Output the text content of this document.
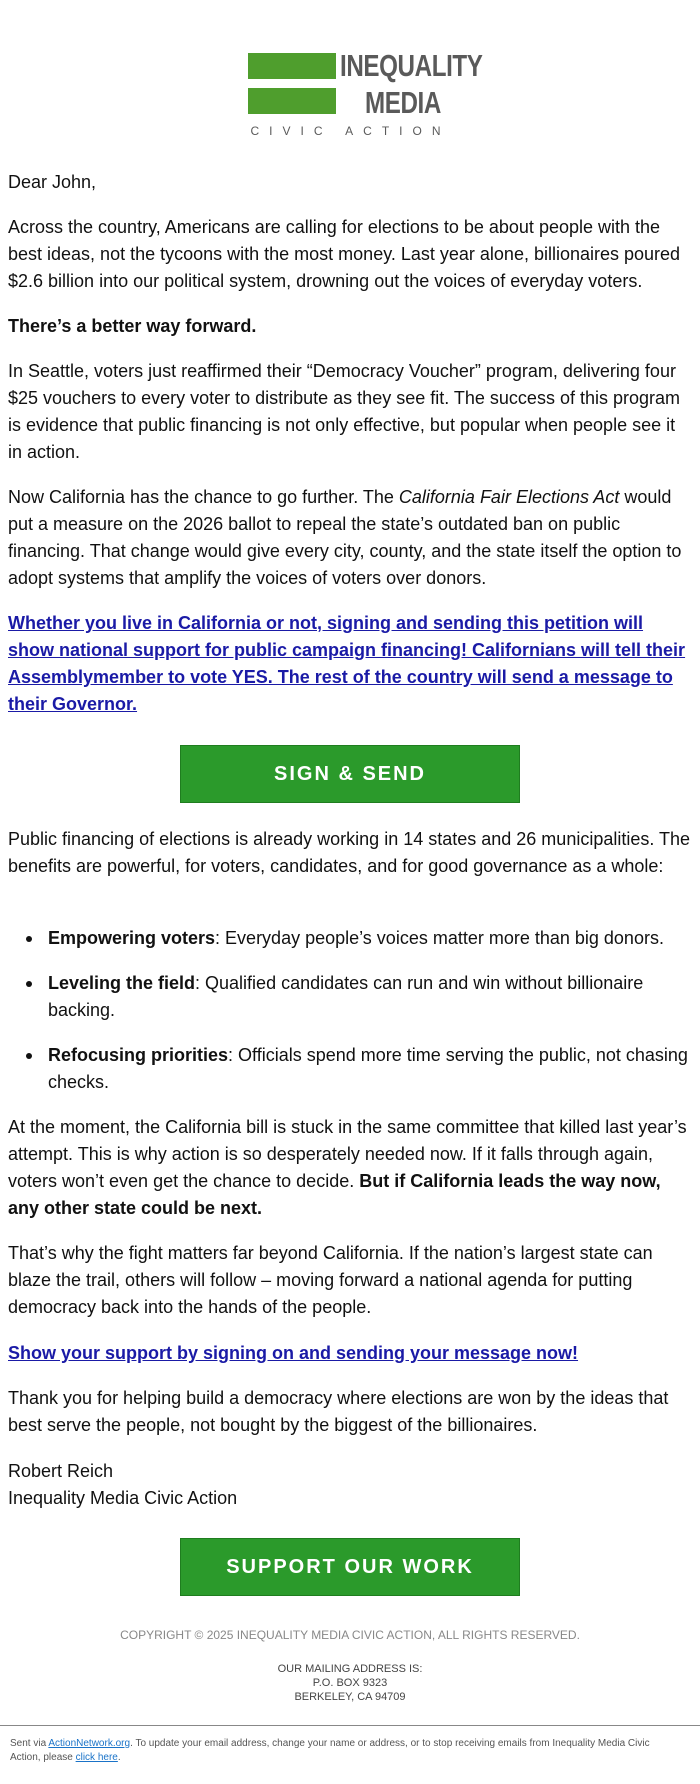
INEQUALITY
MEDIA
CIVIC ACTION

Dear John,

Across the country, Americans are calling for elections to be about people with the best ideas, not the tycoons with the most money. Last year alone, billionaires poured $2.6 billion into our political system, drowning out the voices of everyday voters.

There’s a better way forward.

In Seattle, voters just reaffirmed their “Democracy Voucher” program, delivering four $25 vouchers to every voter to distribute as they see fit. The success of this program is evidence that public financing is not only effective, but popular when people see it in action.

Now California has the chance to go further. The California Fair Elections Act would put a measure on the 2026 ballot to repeal the state’s outdated ban on public financing. That change would give every city, county, and the state itself the option to adopt systems that amplify the voices of voters over donors.

Whether you live in California or not, signing and sending this petition will show national support for public campaign financing! Californians will tell their Assemblymember to vote YES. The rest of the country will send a message to their Governor.

SIGN & SEND

Public financing of elections is already working in 14 states and 26 municipalities. The benefits are powerful, for voters, candidates, and for good governance as a whole:

Empowering voters: Everyday people’s voices matter more than big donors.
Leveling the field: Qualified candidates can run and win without billionaire backing.
Refocusing priorities: Officials spend more time serving the public, not chasing checks.

At the moment, the California bill is stuck in the same committee that killed last year’s attempt. This is why action is so desperately needed now. If it falls through again, voters won’t even get the chance to decide. But if California leads the way now, any other state could be next.

That’s why the fight matters far beyond California. If the nation’s largest state can blaze the trail, others will follow – moving forward a national agenda for putting democracy back into the hands of the people.

Show your support by signing on and sending your message now!

Thank you for helping build a democracy where elections are won by the ideas that best serve the people, not bought by the biggest of the billionaires.

Robert Reich

Inequality Media Civic Action

SUPPORT OUR WORK
COPYRIGHT © 2025 INEQUALITY MEDIA CIVIC ACTION, ALL RIGHTS RESERVED.
OUR MAILING ADDRESS IS:
P.O. BOX 9323
BERKELEY, CA 94709
Sent via ActionNetwork.org. To update your email address, change your name or address, or to stop receiving emails from Inequality Media Civic Action, please click here.
